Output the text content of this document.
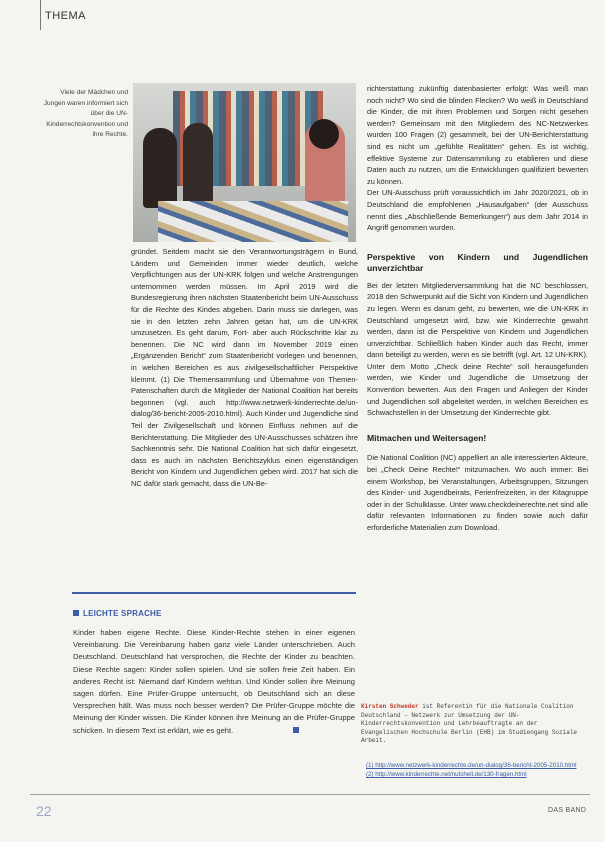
THEMA
Viele der Mädchen und Jungen waren informiert sich über die UN-Kinderrechtskonvention und ihre Rechte.

gründet. Seitdem macht sie den Verantwortungsträgern in Bund, Ländern und Gemeinden immer wieder deutlich, welche Verpflichtungen aus der UN-KRK folgen und welche Anstrengungen unternommen werden müssen. Im April 2019 wird die Bundesregierung ihren nächsten Staatenbericht beim UN-Ausschuss für die Rechte des Kindes abgeben. Darin muss sie darlegen, was sie in den letzten zehn Jahren getan hat, um die UN-KRK umzusetzen. Es geht darum, Fort- aber auch Rückschritte klar zu benennen. Die NC wird dann im November 2019 einen „Ergänzenden Bericht“ zum Staatenbericht vorlegen und benennen, in welchen Bereichen es aus zivilgesellschaftlicher Perspektive klemmt. (1) Die Themensammlung und Übernahme von Themen-Patenschaften durch die Mitglieder der National Coalition hat bereits begonnen (vgl. auch http://www.netzwerk-kinderrechte.de/un-dialog/36-bericht-2005-2010.html). Auch Kinder und Jugendliche sind Teil der Zivilgesellschaft und können Einfluss nehmen auf die Berichterstattung. Die Mitglieder des UN-Ausschusses schätzen ihre Sachkenntnis sehr. Die National Coalition hat sich dafür eingesetzt, dass es auch im nächsten Berichtszyklus einen eigenständigen Bericht von Kindern und Jugendlichen geben wird. 2017 hat sich die NC dafür stark gemacht, dass die UN-Be-

richterstattung zukünftig datenbasierter erfolgt: Was weiß man noch nicht? Wo sind die blinden Flecken? Wo weiß in Deutschland die Kinder, die mit ihren Problemen und Sorgen nicht gesehen werden? Gemeinsam mit den Mitgliedern des NC-Netzwerkes wurden 100 Fragen (2) gesammelt, bei der UN-Berichterstattung sind es nicht um „gefühlte Realitäten“ gehen. Es ist wichtig, effektive Systeme zur Datensammlung zu etablieren und diese Daten auch zu nutzen, um die Entwicklungen qualifiziert bewerten zu können.

Der UN-Ausschuss prüft voraussichtlich im Jahr 2020/2021, ob in Deutschland die empfohlenen „Hausaufgaben“ (der Ausschuss nennt dies „Abschließende Bemerkungen“) aus dem Jahr 2014 in Angriff genommen wurden.

Perspektive von Kindern und Jugendlichen unverzichtbar

Bei der letzten Mitgliederversammlung hat die NC beschlossen, 2018 den Schwerpunkt auf die Sicht von Kindern und Jugendlichen zu legen. Wenn es darum geht, zu bewerten, wie die UN-KRK in Deutschland umgesetzt wird, bzw. wie Kinderrechte gewahrt werden, dann ist die Perspektive von Kindern und Jugendlichen unverzichtbar. Schließlich haben Kinder auch das Recht, immer dann beteiligt zu werden, wenn es sie betrifft (vgl. Art. 12 UN-KRK). Unter dem Motto „Check deine Rechte“ soll herausgefunden werden, wie Kinder und Jugendliche die Umsetzung der Konvention bewerten. Aus den Fragen und Anliegen der Kinder und Jugendlichen soll abgeleitet werden, in welchen Bereichen es Schwachstellen in der Umsetzung der Kinderrechte gibt.

Mitmachen und Weitersagen!

Die National Coalition (NC) appelliert an alle interessierten Akteure, bei „Check Deine Rechte!“ mitzumachen. Wo auch immer: Bei einem Workshop, bei Veranstaltungen, Arbeitsgruppen, Sitzungen des Kinder- und Jugendbeirats, Ferienfreizeiten, in der Kitagruppe oder in der Schulklasse. Unter www.checkdeinerechte.net sind alle dafür relevanten Informationen zu finden sowie auch dafür erforderliche Materialien zum Download.

LEICHTE SPRACHE
Kinder haben eigene Rechte. Diese Kinder-Rechte stehen in einer eigenen Vereinbarung. Die Vereinbarung haben ganz viele Länder unterschrieben. Auch Deutschland. Deutschland hat versprochen, die Rechte der Kinder zu beachten. Diese Rechte sagen: Kinder sollen spielen. Und sie sollen freie Zeit haben. Ein anderes Recht ist: Niemand darf Kindern wehtun. Und Kinder sollen ihre Meinung sagen dürfen. Eine Prüfer-Gruppe untersucht, ob Deutschland sich an diese Versprechen hält. Was muss noch besser werden? Die Prüfer-Gruppe möchte die Meinung der Kinder wissen. Die Kinder können ihre Meinung an die Prüfer-Gruppe schicken. In diesem Text ist erklärt, wie es geht.
Kirsten Schweder ist Referentin für die Nationale Coalition Deutschland – Netzwerk zur Umsetzung der UN-Kinderrechtskonvention und Lehrbeauftragte an der Evangelischen Hochschule Berlin (EHB) im Studiengang Soziale Arbeit.
(1) http://www.netzwerk-kinderrechte.de/un-dialog/36-bericht-2005-2010.html
(2) http://www.kinderrechte.net/nutshell.de/130-fragen.html
22	DAS BAND
